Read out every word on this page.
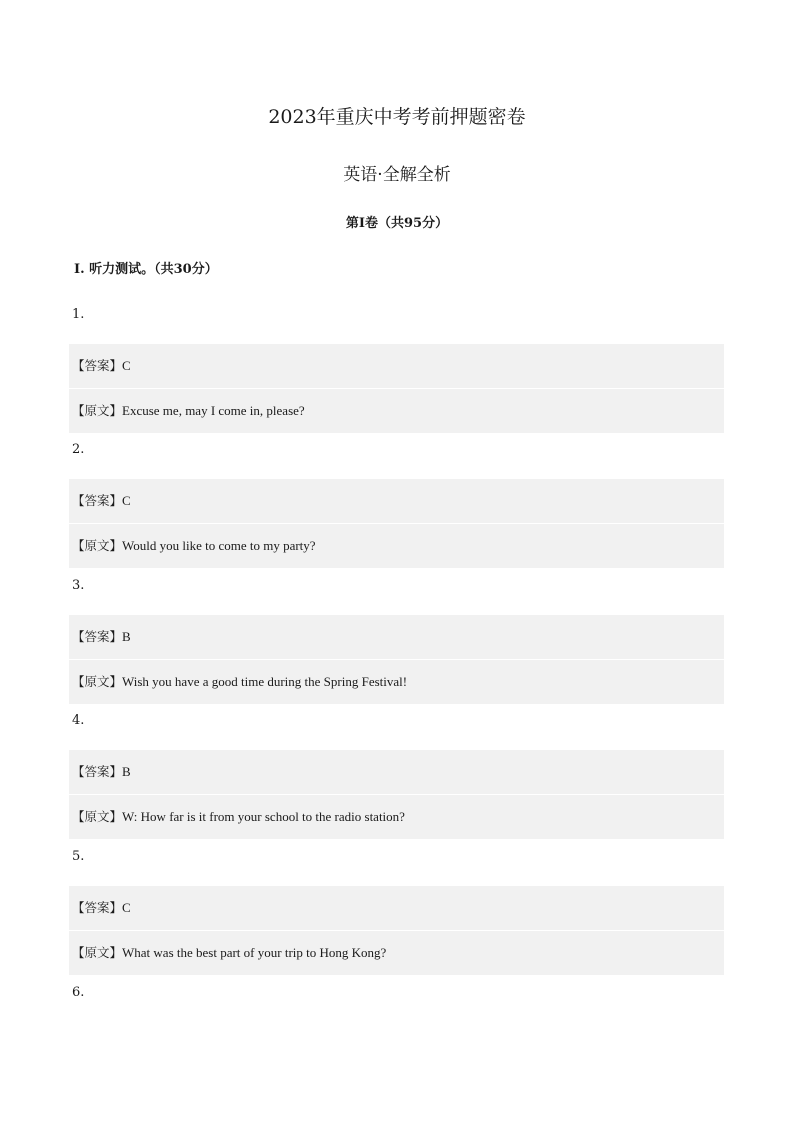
2023年重庆中考考前押题密卷
英语·全解全析
第Ⅰ卷（共95分）
Ⅰ. 听力测试。（共30分）
1.
【答案】C
【原文】Excuse me, may I come in, please?
2.
【答案】C
【原文】Would you like to come to my party?
3.
【答案】B
【原文】Wish you have a good time during the Spring Festival!
4.
【答案】B
【原文】W: How far is it from your school to the radio station?
5.
【答案】C
【原文】What was the best part of your trip to Hong Kong?
6.
